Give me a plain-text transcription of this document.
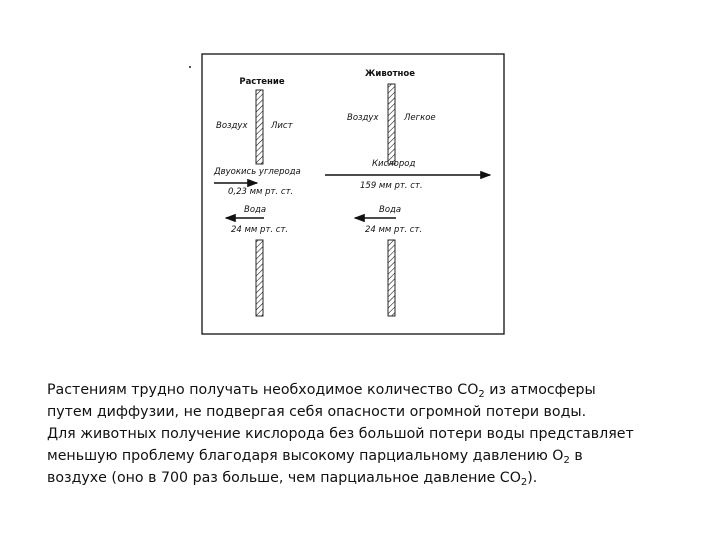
Растение
Воздух	Лист
Двуокись углерода
0,23 мм рт. ст.
Вода
24 мм рт. ст.
Животное
Воздух	Легкое
Кислород
159 мм рт. ст.
Вода
24 мм рт. ст.
Растениям трудно получать необходимое количество $CO_2$ из атмосферы
путем диффузии, не подвергая себя опасности огромной потери воды.
Для животных получение кислорода без большой потери воды представляет
меньшую проблему благодаря высокому парциальному давлению $O_2$ в
воздухе (оно в 700 раз больше, чем парциальное давление $CO_2$).
